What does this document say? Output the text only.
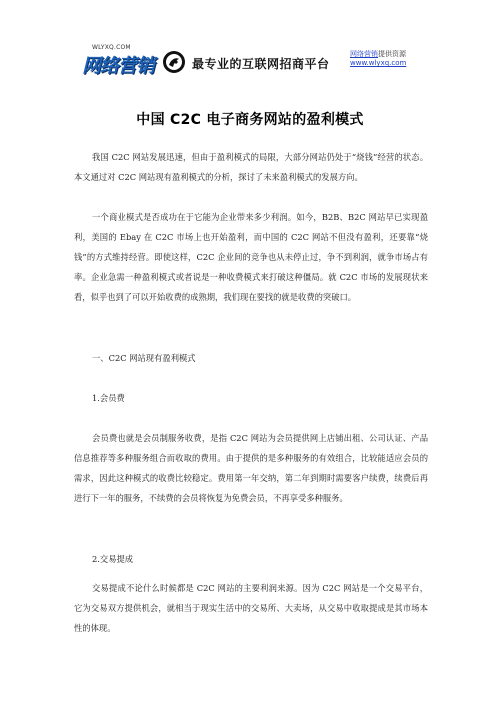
WLYXQ.COM
网络营销	最专业的互联网招商平台
网络营销提供资源
www.wlyxq.com
中国 C2C 电子商务网站的盈利模式

我国 C2C 网站发展迅速，但由于盈利模式的局限，大部分网站仍处于“烧钱”经营的状态。本文通过对 C2C 网站现有盈利模式的分析，探讨了未来盈利模式的发展方向。

一个商业模式是否成功在于它能为企业带来多少利润。如今，B2B、B2C 网站早已实现盈利，美国的 Ebay 在 C2C 市场上也开始盈利，而中国的 C2C 网站不但没有盈利，还要靠“烧钱”的方式维持经营。即使这样，C2C 企业间的竞争也从未停止过，争不到利润，就争市场占有率。企业急需一种盈利模式或者说是一种收费模式来打破这种僵局。就 C2C 市场的发展现状来看，似乎也到了可以开始收费的成熟期，我们现在要找的就是收费的突破口。

一、C2C 网站现有盈利模式
1.会员费

会员费也就是会员制服务收费，是指 C2C 网站为会员提供网上店铺出租、公司认证、产品信息推荐等多种服务组合而收取的费用。由于提供的是多种服务的有效组合，比较能适应会员的需求，因此这种模式的收费比较稳定。费用第一年交纳，第二年到期时需要客户续费，续费后再进行下一年的服务，不续费的会员将恢复为免费会员，不再享受多种服务。

2.交易提成

交易提成不论什么时候都是 C2C 网站的主要利润来源。因为 C2C 网站是一个交易平台，它为交易双方提供机会，就相当于现实生活中的交易所、大卖场，从交易中收取提成是其市场本性的体现。
